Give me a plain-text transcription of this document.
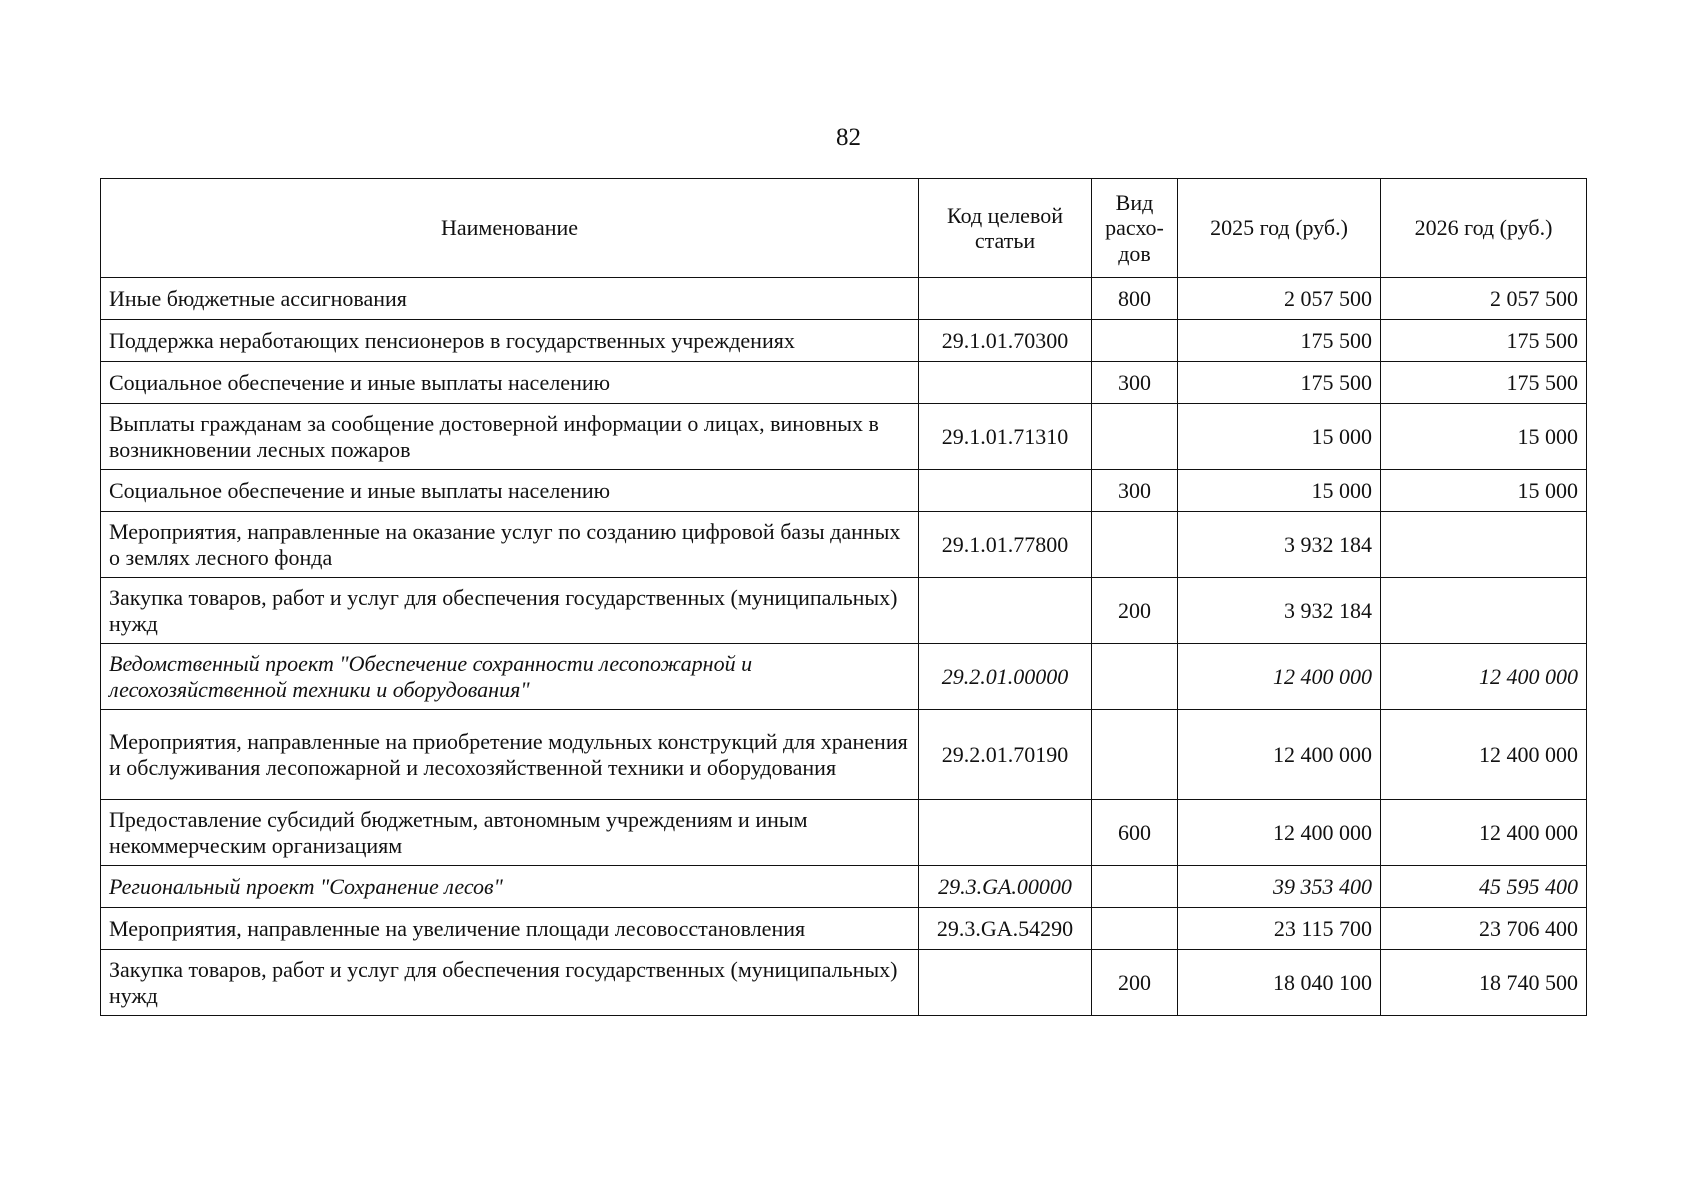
82
Наименование	Код целевой статьи	Вид расхо-дов	2025 год (руб.)	2026 год (руб.)
Иные бюджетные ассигнования		800	2 057 500	2 057 500
Поддержка неработающих пенсионеров в государственных учреждениях	29.1.01.70300		175 500	175 500
Социальное обеспечение и иные выплаты населению		300	175 500	175 500
Выплаты гражданам за сообщение достоверной информации о лицах, виновных в возникновении лесных пожаров	29.1.01.71310		15 000	15 000
Социальное обеспечение и иные выплаты населению		300	15 000	15 000
Мероприятия, направленные на оказание услуг по созданию цифровой базы данных о землях лесного фонда	29.1.01.77800		3 932 184	
Закупка товаров, работ и услуг для обеспечения государственных (муниципальных) нужд		200	3 932 184	
Ведомственный проект "Обеспечение сохранности лесопожарной и лесохозяйственной техники и оборудования"	29.2.01.00000		12 400 000	12 400 000
Мероприятия, направленные на приобретение модульных конструкций для хранения и обслуживания лесопожарной и лесохозяйственной техники и оборудования	29.2.01.70190		12 400 000	12 400 000
Предоставление субсидий бюджетным, автономным учреждениям и иным некоммерческим организациям		600	12 400 000	12 400 000
Региональный проект "Сохранение лесов"	29.3.GA.00000		39 353 400	45 595 400
Мероприятия, направленные на увеличение площади лесовосстановления	29.3.GA.54290		23 115 700	23 706 400
Закупка товаров, работ и услуг для обеспечения государственных (муниципальных) нужд		200	18 040 100	18 740 500
